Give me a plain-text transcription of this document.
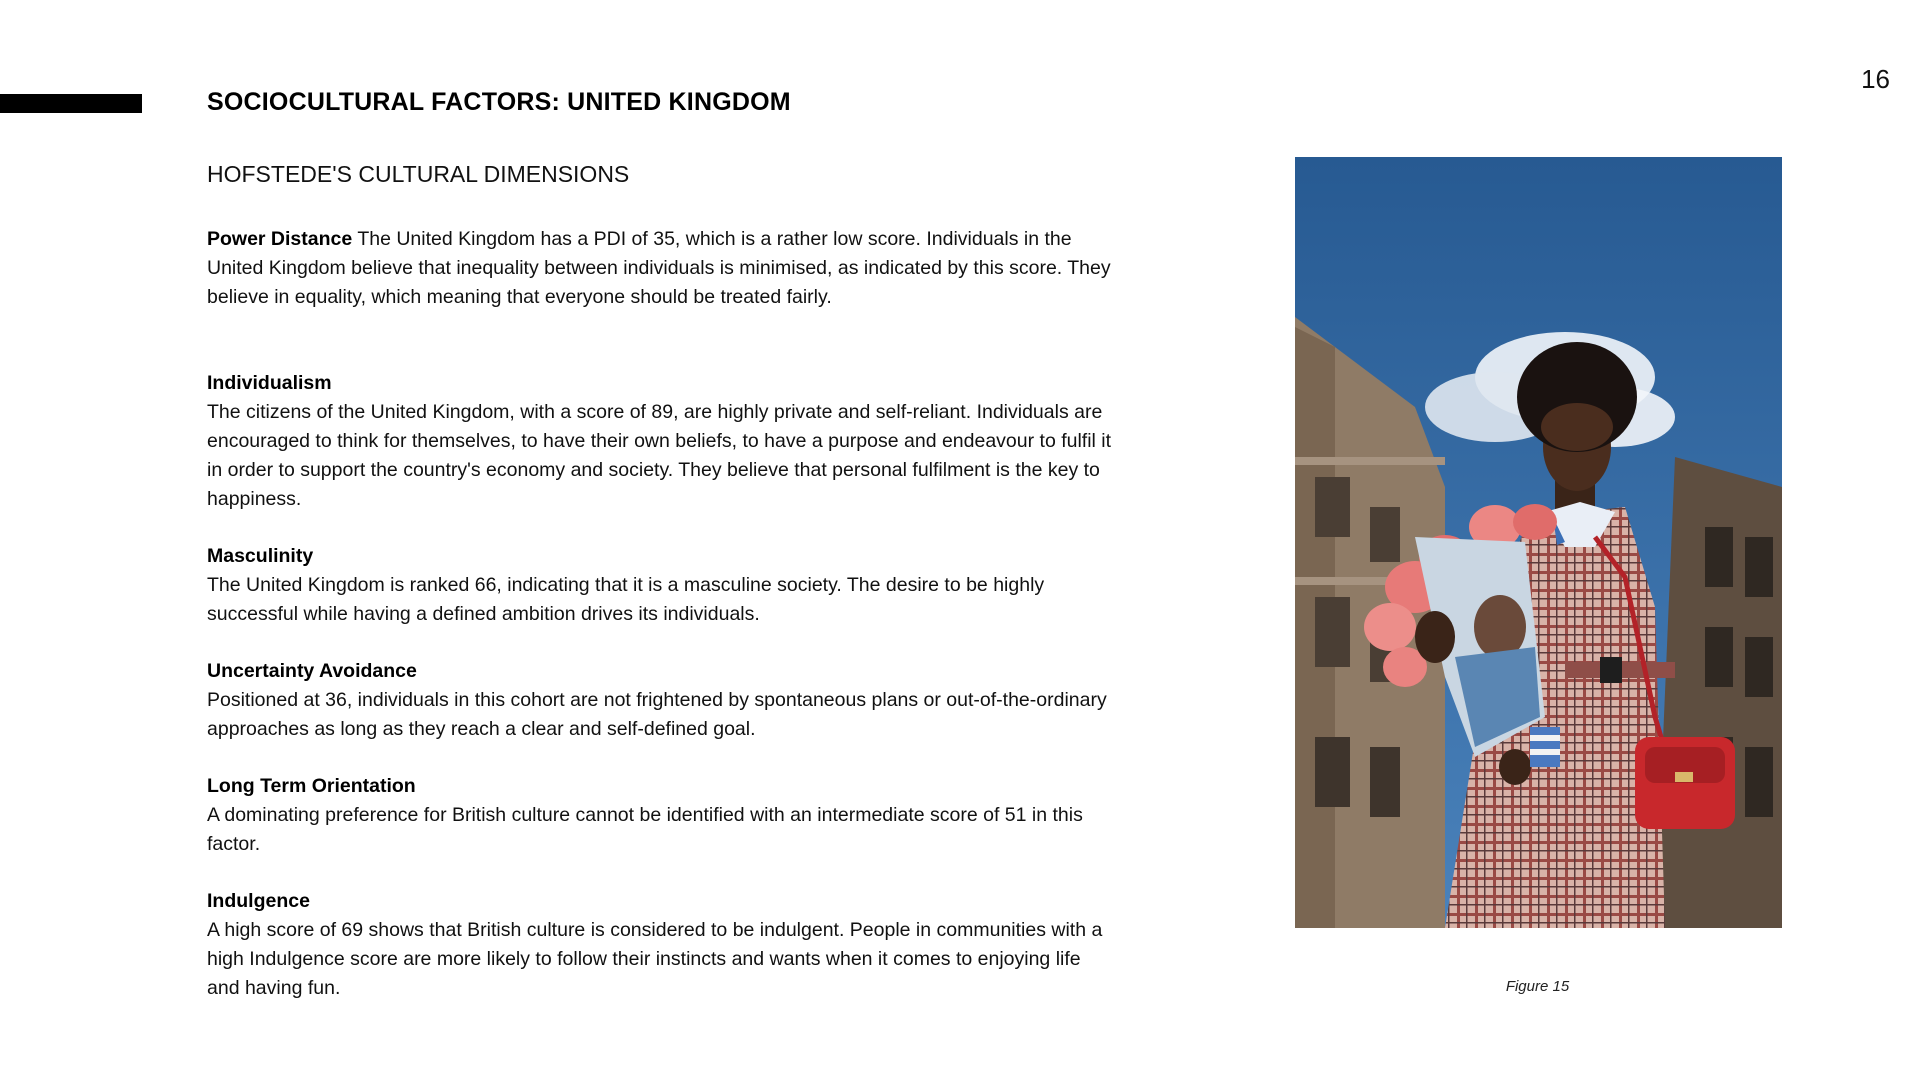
16
SOCIOCULTURAL FACTORS: UNITED KINGDOM
HOFSTEDE'S CULTURAL DIMENSIONS

Power Distance The United Kingdom has a PDI of 35, which is a rather low score. Individuals in the United Kingdom believe that inequality between individuals is minimised, as indicated by this score. They believe in equality, which meaning that everyone should be treated fairly.

Individualism
The citizens of the United Kingdom, with a score of 89, are highly private and self-reliant. Individuals are encouraged to think for themselves, to have their own beliefs, to have a purpose and endeavour to fulfil it in order to support the country's economy and society. They believe that personal fulfilment is the key to happiness.

Masculinity
The United Kingdom is ranked 66, indicating that it is a masculine society. The desire to be highly successful while having a defined ambition drives its individuals.

Uncertainty Avoidance
Positioned at 36, individuals in this cohort are not frightened by spontaneous plans or out-of-the-ordinary approaches as long as they reach a clear and self-defined goal.

Long Term Orientation
A dominating preference for British culture cannot be identified with an intermediate score of 51 in this factor.

Indulgence
A high score of 69 shows that British culture is considered to be indulgent. People in communities with a high Indulgence score are more likely to follow their instincts and wants when it comes to enjoying life and having fun.	Figure 15
